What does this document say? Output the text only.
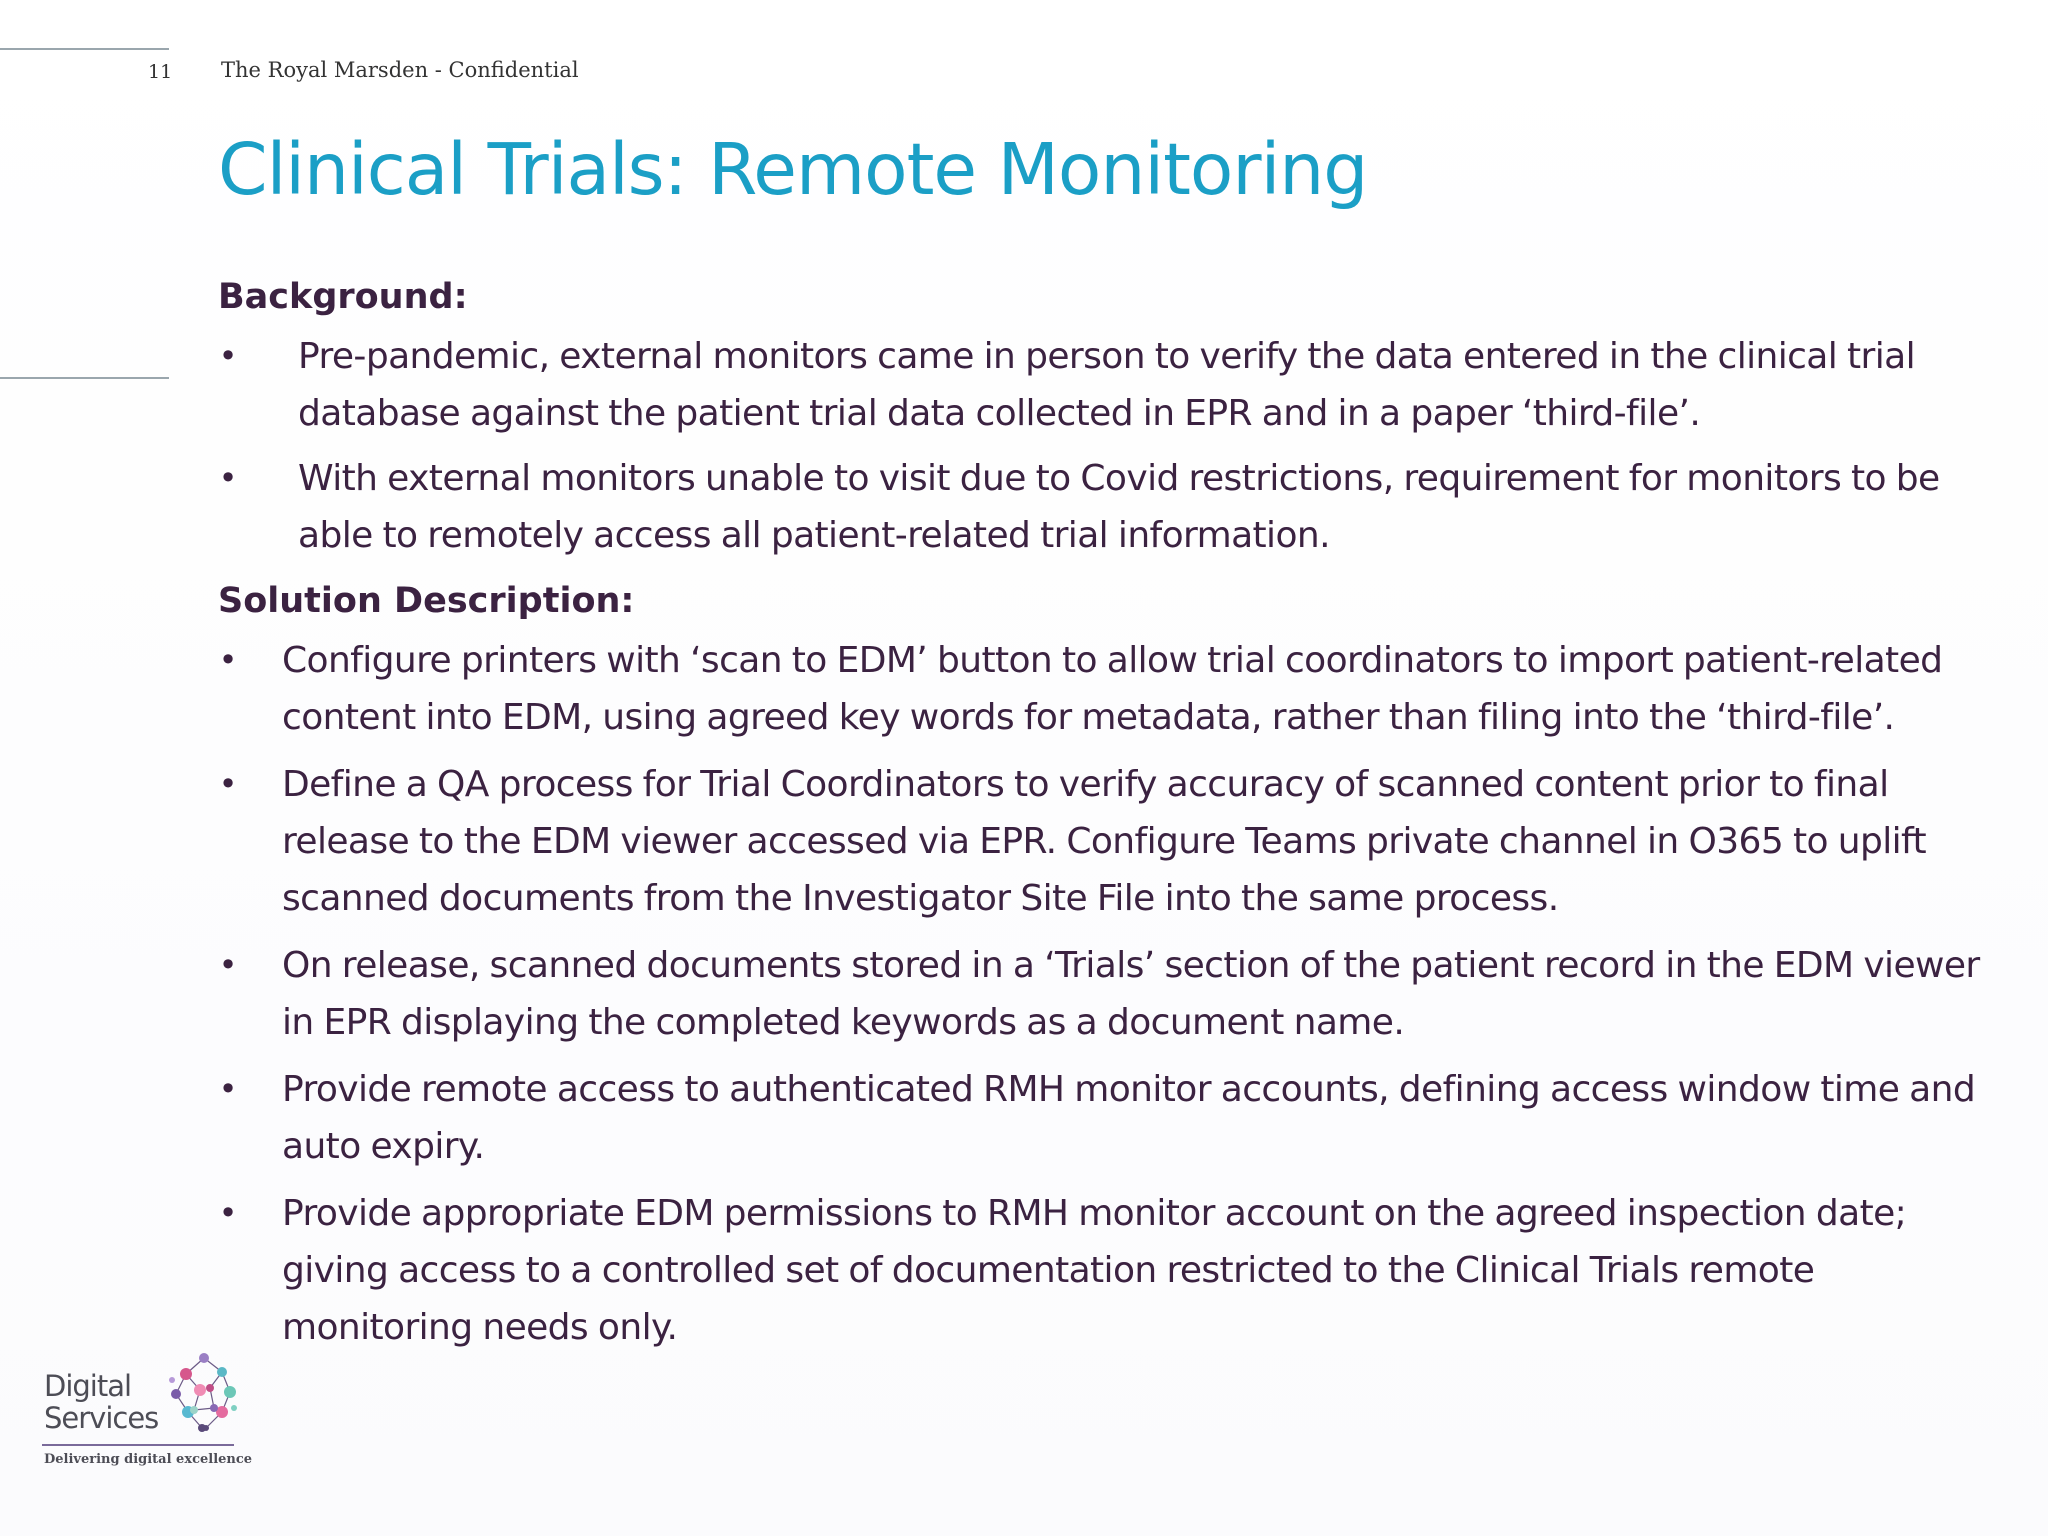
11 The Royal Marsden - Confidential
Clinical Trials: Remote Monitoring

Background:

• Pre-pandemic, external monitors came in person to verify the data entered in the clinical trial database against the patient trial data collected in EPR and in a paper ‘third-file’.
• With external monitors unable to visit due to Covid restrictions, requirement for monitors to be able to remotely access all patient-related trial information.

Solution Description:

• Configure printers with ‘scan to EDM’ button to allow trial coordinators to import patient-related content into EDM, using agreed key words for metadata, rather than filing into the ‘third-file’.
• Define a QA process for Trial Coordinators to verify accuracy of scanned content prior to final release to the EDM viewer accessed via EPR. Configure Teams private channel in O365 to uplift scanned documents from the Investigator Site File into the same process.
• On release, scanned documents stored in a ‘Trials’ section of the patient record in the EDM viewer in EPR displaying the completed keywords as a document name.
• Provide remote access to authenticated RMH monitor accounts, defining access window time and auto expiry.
• Provide appropriate EDM permissions to RMH monitor account on the agreed inspection date; giving access to a controlled set of documentation restricted to the Clinical Trials remote monitoring needs only.
Digital
Services
Delivering digital excellence
